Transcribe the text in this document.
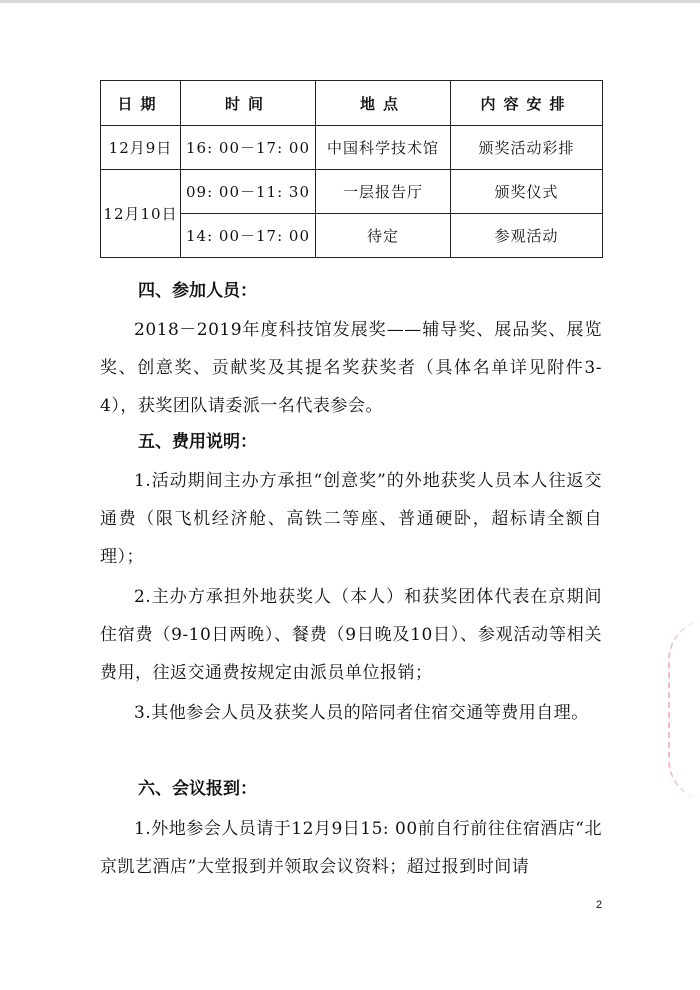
日期	时间	地点	内容安排
12月9日	16: 00－17: 00	中国科学技术馆	颁奖活动彩排
12月10日	09: 00－11: 30	一层报告厅	颁奖仪式
	14: 00－17: 00	待定	参观活动
四、参加人员：
2018－2019年度科技馆发展奖——辅导奖、展品奖、展览奖、创意奖、贡献奖及其提名奖获奖者（具体名单详见附件3-4），获奖团队请委派一名代表参会。
五、费用说明：
1.活动期间主办方承担“创意奖”的外地获奖人员本人往返交通费（限飞机经济舱、高铁二等座、普通硬卧，超标请全额自理）；
2.主办方承担外地获奖人（本人）和获奖团体代表在京期间住宿费（9-10日两晚）、餐费（9日晚及10日）、参观活动等相关费用，往返交通费按规定由派员单位报销；
3.其他参会人员及获奖人员的陪同者住宿交通等费用自理。
六、会议报到：
1.外地参会人员请于12月9日15: 00前自行前往住宿酒店“北京凯艺酒店”大堂报到并领取会议资料；超过报到时间请
2
